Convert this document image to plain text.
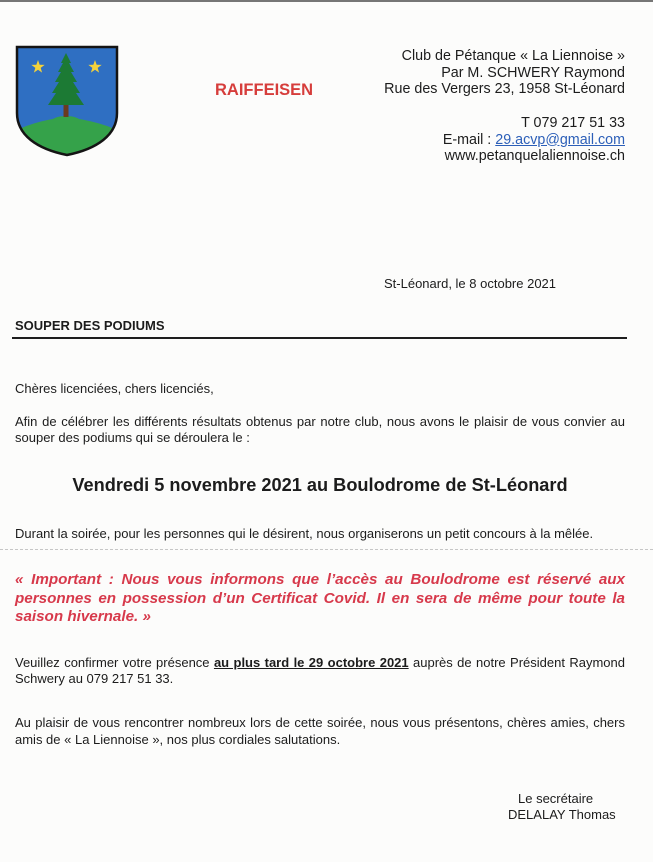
RAIFFEISEN
Club de Pétanque « La Liennoise »
Par M. SCHWERY Raymond
Rue des Vergers 23, 1958 St-Léonard
T 079 217 51 33
E-mail : 29.acvp@gmail.com
www.petanquelaliennoise.ch
St-Léonard, le 8 octobre 2021
SOUPER DES PODIUMS

Chères licenciées, chers licenciés,

Afin de célébrer les différents résultats obtenus par notre club, nous avons le plaisir de vous convier au souper des podiums qui se déroulera le :

Vendredi 5 novembre 2021 au Boulodrome de St-Léonard

Durant la soirée, pour les personnes qui le désirent, nous organiserons un petit concours à la mêlée.

« Important : Nous vous informons que l’accès au Boulodrome est réservé aux personnes en possession d’un Certificat Covid. Il en sera de même pour toute la saison hivernale. »

Veuillez confirmer votre présence au plus tard le 29 octobre 2021 auprès de notre Président Raymond Schwery au 079 217 51 33.

Au plaisir de vous rencontrer nombreux lors de cette soirée, nous vous présentons, chères amies, chers amis de « La Liennoise », nos plus cordiales salutations.

Le secrétaire
DELALAY Thomas
